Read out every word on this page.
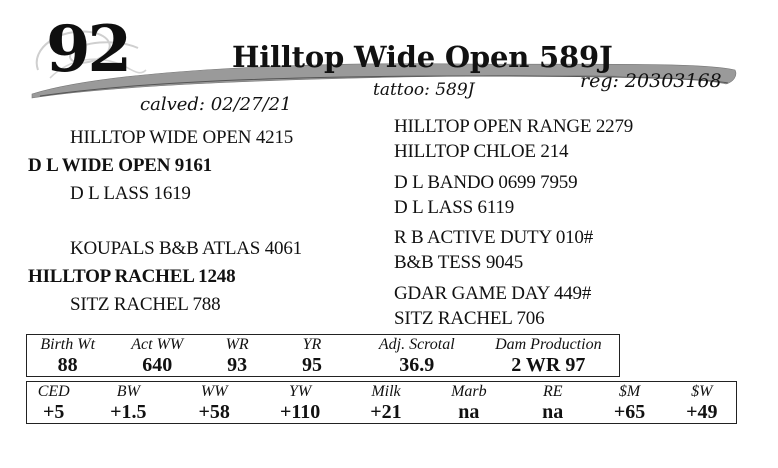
92	Hilltop Wide Open 589J
reg: 20303168
tattoo: 589J
calved: 02/27/21
HILLTOP WIDE OPEN 4215
D L WIDE OPEN 9161
D L LASS 1619
KOUPALS B&B ATLAS 4061
HILLTOP RACHEL 1248
SITZ RACHEL 788
HILLTOP OPEN RANGE 2279
HILLTOP CHLOE 214
D L BANDO 0699 7959
D L LASS 6119
R B ACTIVE DUTY 010#
B&B TESS 9045
GDAR GAME DAY 449#
SITZ RACHEL 706
Birth Wt	Act WW	WR	YR	Adj. Scrotal	Dam Production
88	640	93	95	36.9	2 WR 97
CED	BW	WW	YW	Milk	Marb	RE	$M	$W
+5	+1.5	+58	+110	+21	na	na	+65	+49
